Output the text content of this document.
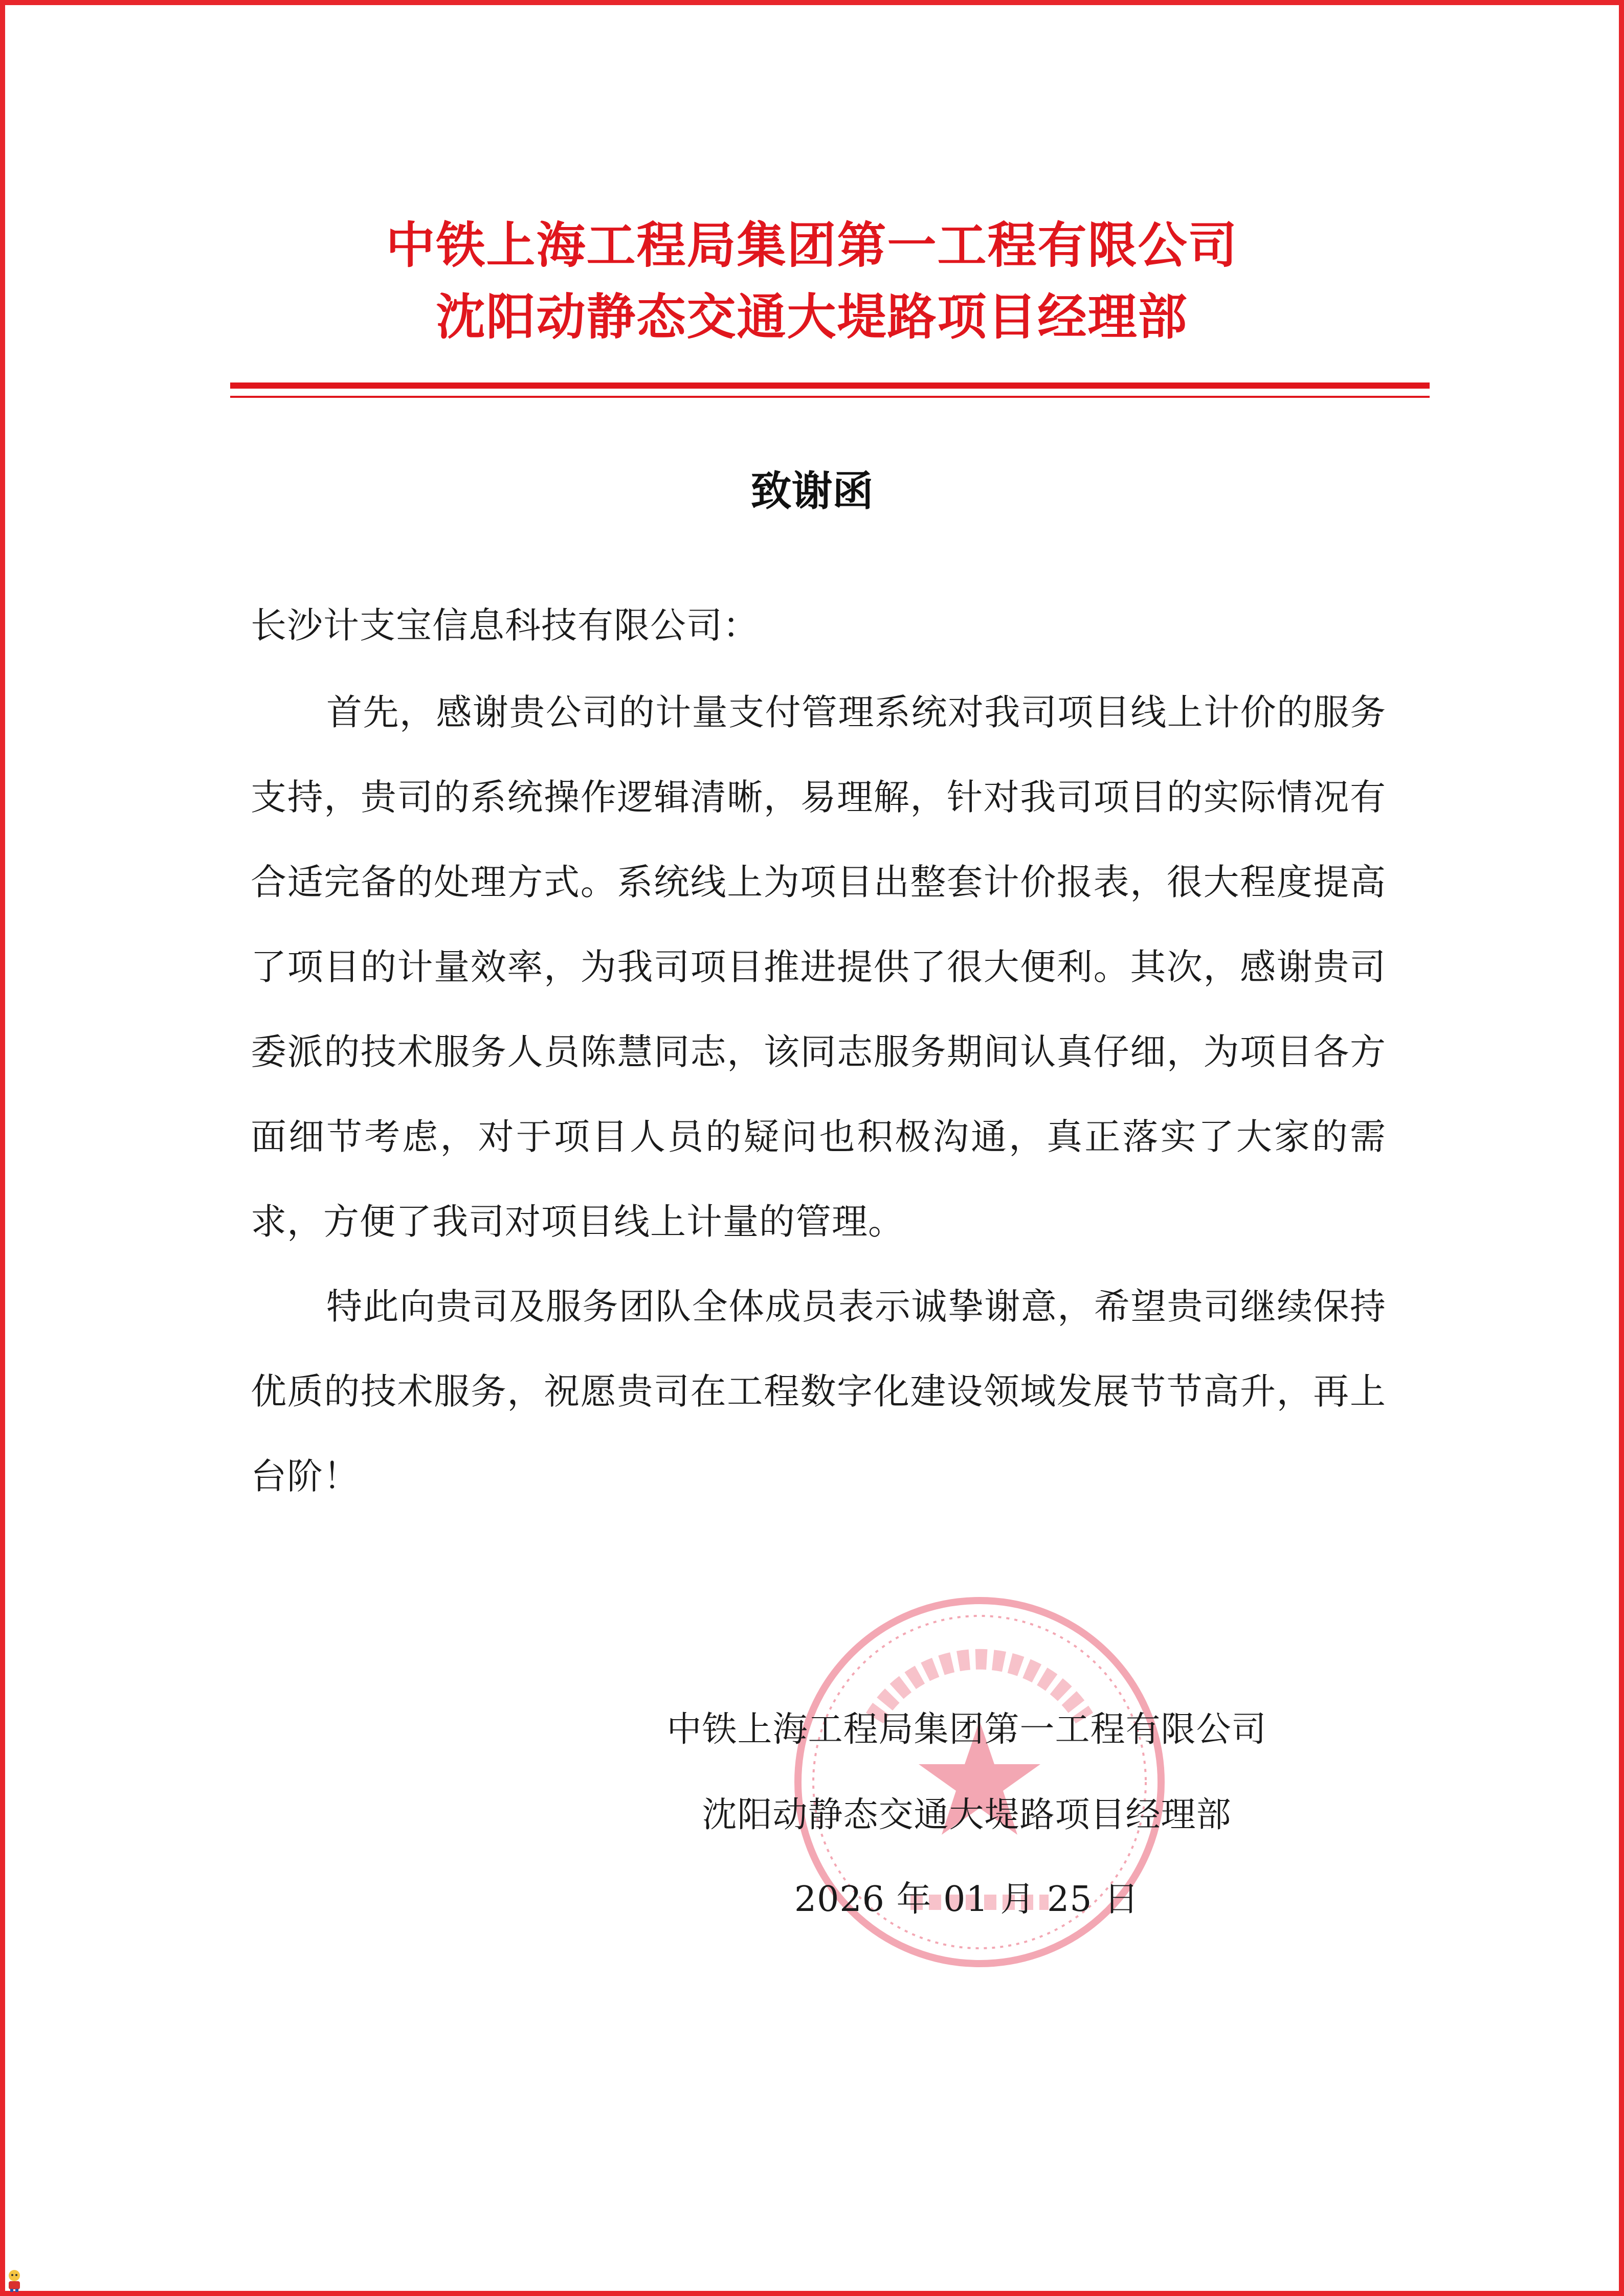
中铁上海工程局集团第一工程有限公司
沈阳动静态交通大堤路项目经理部
致谢函
长沙计支宝信息科技有限公司：
首先，感谢贵公司的计量支付管理系统对我司项目线上计价的服务支持，贵司的系统操作逻辑清晰，易理解，针对我司项目的实际情况有合适完备的处理方式。系统线上为项目出整套计价报表，很大程度提高了项目的计量效率，为我司项目推进提供了很大便利。其次，感谢贵司委派的技术服务人员陈慧同志，该同志服务期间认真仔细，为项目各方面细节考虑，对于项目人员的疑问也积极沟通，真正落实了大家的需求，方便了我司对项目线上计量的管理。
特此向贵司及服务团队全体成员表示诚挚谢意，希望贵司继续保持优质的技术服务，祝愿贵司在工程数字化建设领域发展节节高升，再上台阶！
中铁上海工程局集团第一工程有限公司
沈阳动静态交通大堤路项目经理部
2026 年 01 月 25 日
